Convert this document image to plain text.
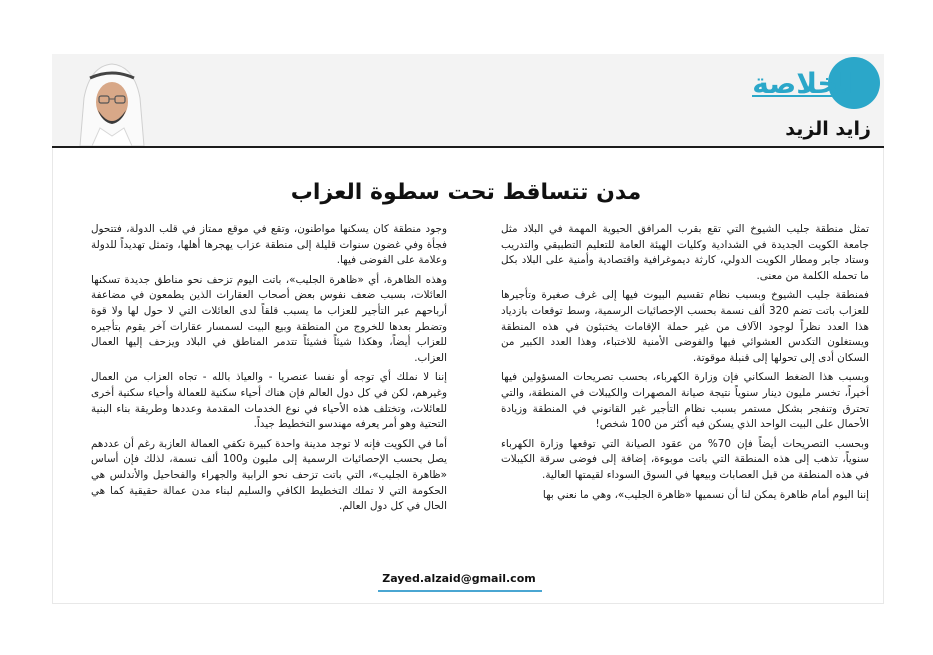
الخلاصة
زايد الزيد
مدن تتساقط تحت سطوة العزاب

تمثل منطقة جليب الشيوخ التي تقع بقرب المرافق الحيوية المهمة في البلاد مثل جامعة الكويت الجديدة في الشدادية وكليات الهيئة العامة للتعليم التطبيقي والتدريب وستاد جابر ومطار الكويت الدولي، كارثة ديموغرافية واقتصادية وأمنية على البلاد بكل ما تحمله الكلمة من معنى.

فمنطقة جليب الشيوخ وبسبب نظام تقسيم البيوت فيها إلى غرف صغيرة وتأجيرها للعزاب باتت تضم 320 ألف نسمة بحسب الإحصائيات الرسمية، وسط توقعات بازدياد هذا العدد نظراً لوجود الآلاف من غير حملة الإقامات يختبئون في هذه المنطقة ويستغلون التكدس العشوائي فيها والفوضى الأمنية للاختباء، وهذا العدد الكبير من السكان أدى إلى تحولها إلى قنبلة موقوتة.

وبسبب هذا الضغط السكاني فإن وزارة الكهرباء، بحسب تصريحات المسؤولين فيها أخيراً، تخسر مليون دينار سنوياً نتيجة صيانة المصهرات والكيبلات في المنطقة، والتي تحترق وتنفجر بشكل مستمر بسبب نظام التأجير غير القانوني في المنطقة وزيادة الأحمال على البيت الواحد الذي يسكن فيه أكثر من 100 شخص!

وبحسب التصريحات أيضاً فإن 70% من عقود الصيانة التي توقعها وزارة الكهرباء سنوياً، تذهب إلى هذه المنطقة التي باتت موبوءة، إضافة إلى فوضى سرقة الكيبلات في هذه المنطقة من قبل العصابات وبيعها في السوق السوداء لقيمتها العالية.

إننا اليوم أمام ظاهرة يمكن لنا أن نسميها «ظاهرة الجليب»، وهي ما نعني بها

وجود منطقة كان يسكنها مواطنون، وتقع في موقع ممتاز في قلب الدولة، فتتحول فجأة وفي غضون سنوات قليلة إلى منطقة عزاب يهجرها أهلها، وتمثل تهديداً للدولة وعلامة على الفوضى فيها.

وهذه الظاهرة، أي «ظاهرة الجليب»، باتت اليوم تزحف نحو مناطق جديدة تسكنها العائلات، بسبب ضعف نفوس بعض أصحاب العقارات الذين يطمعون في مضاعفة أرباحهم عبر التأجير للعزاب ما يسبب قلقاً لدى العائلات التي لا حول لها ولا قوة وتضطر بعدها للخروج من المنطقة وبيع البيت لسمسار عقارات آخر يقوم بتأجيره للعزاب أيضاً، وهكذا شيئاً فشيئاً تتدمر المناطق في البلاد ويزحف إليها العمال العزاب.

إننا لا نملك أي توجه أو نفسا عنصريا - والعياذ بالله - تجاه العزاب من العمال وغيرهم، لكن في كل دول العالم فإن هناك أحياء سكنية للعمالة وأحياء سكنية أخرى للعائلات، وتختلف هذه الأحياء في نوع الخدمات المقدمة وعددها وطريقة بناء البنية التحتية وهو أمر يعرفه مهندسو التخطيط جيداً.

أما في الكويت فإنه لا توجد مدينة واحدة كبيرة تكفي العمالة العازبة رغم أن عددهم يصل بحسب الإحصائيات الرسمية إلى مليون و100 ألف نسمة، لذلك فإن أساس «ظاهرة الجليب»، التي باتت تزحف نحو الرابية والجهراء والفحاحيل والأندلس هي الحكومة التي لا تملك التخطيط الكافي والسليم لبناء مدن عمالة حقيقية كما هي الحال في كل دول العالم.

Zayed.alzaid@gmail.com
